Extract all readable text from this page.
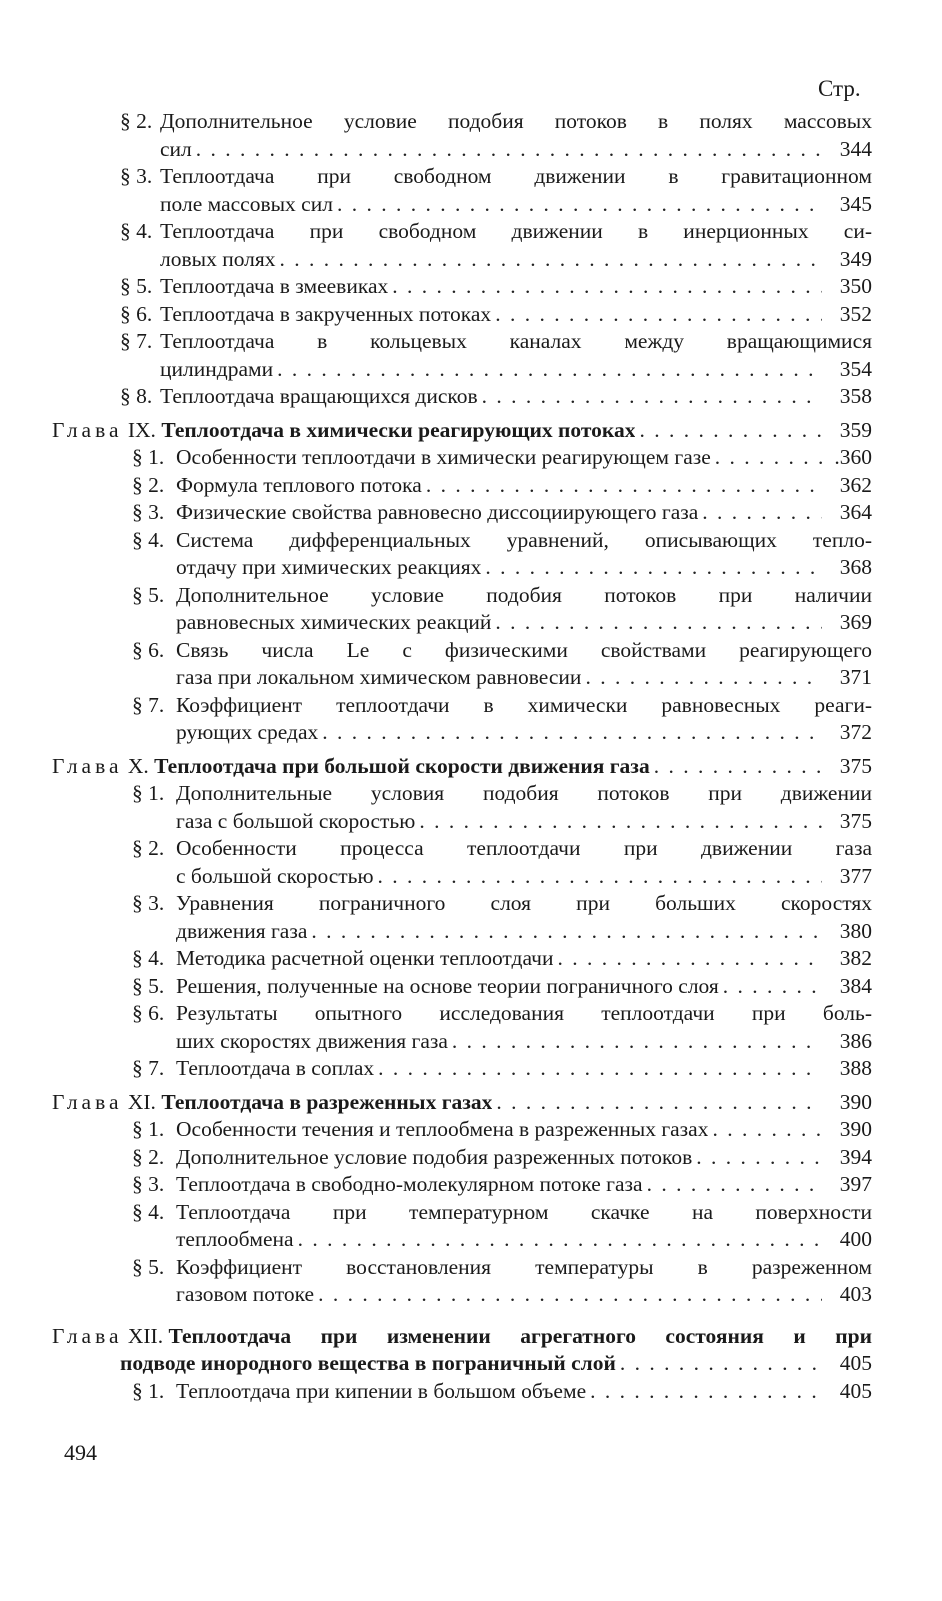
Стр.
§ 2. Дополнительное условие подобия потоков в полях массовых
сил . . .	344
§ 3. Теплоотдача при свободном движении в гравитационном
поле массовых сил . . .	345
§ 4. Теплоотдача при свободном движении в инерционных си-
ловых полях . . .	349
§ 5. Теплоотдача в змеевиках . . .	350
§ 6. Теплоотдача в закрученных потоках . . .	352
§ 7. Теплоотдача в кольцевых каналах между вращающимися
цилиндрами . . .	354
§ 8. Теплоотдача вращающихся дисков . . .	358
Глава
IX.
Теплоотдача в химически реагирующих потоках . . .	359
§ 1. Особенности теплоотдачи в химически реагирующем газе . . .	.360
§ 2. Формула теплового потока . . .	362
§ 3. Физические свойства равновесно диссоциирующего газа . . .	364
§ 4. Система дифференциальных уравнений, описывающих тепло-
отдачу при химических реакциях . . .	368
§ 5. Дополнительное условие подобия потоков при наличии
равновесных химических реакций . . .	369
§ 6. Связь числа Le с физическими свойствами реагирующего
газа при локальном химическом равновесии . . .	371
§ 7. Коэффициент теплоотдачи в химически равновесных реаги-
рующих средах . . .	372
Глава
X.
Теплоотдача при большой скорости движения газа . . .	375
§ 1. Дополнительные условия подобия потоков при движении
газа с большой скоростью . . .	375
§ 2. Особенности процесса теплоотдачи при движении газа
с большой скоростью . . .	377
§ 3. Уравнения пограничного слоя при больших скоростях
движения газа . . .	380
§ 4. Методика расчетной оценки теплоотдачи . . .	382
§ 5. Решения, полученные на основе теории пограничного слоя . . .	384
§ 6. Результаты опытного исследования теплоотдачи при боль-
ших скоростях движения газа . . .	386
§ 7. Теплоотдача в соплах . . .	388
Глава
XI.
Теплоотдача в разреженных газах . . .	390
§ 1. Особенности течения и теплообмена в разреженных газах . . .	390
§ 2. Дополнительное условие подобия разреженных потоков . . .	394
§ 3. Теплоотдача в свободно-молекулярном потоке газа . . .	397
§ 4. Теплоотдача при температурном скачке на поверхности
теплообмена . . .	400
§ 5. Коэффициент восстановления температуры в разреженном
газовом потоке . . .	403
Глава
XII.
Теплоотдача при изменении агрегатного состояния и при
подводе инородного вещества в пограничный слой . . .	405
§ 1. Теплоотдача при кипении в большом объеме . . .	405
494
